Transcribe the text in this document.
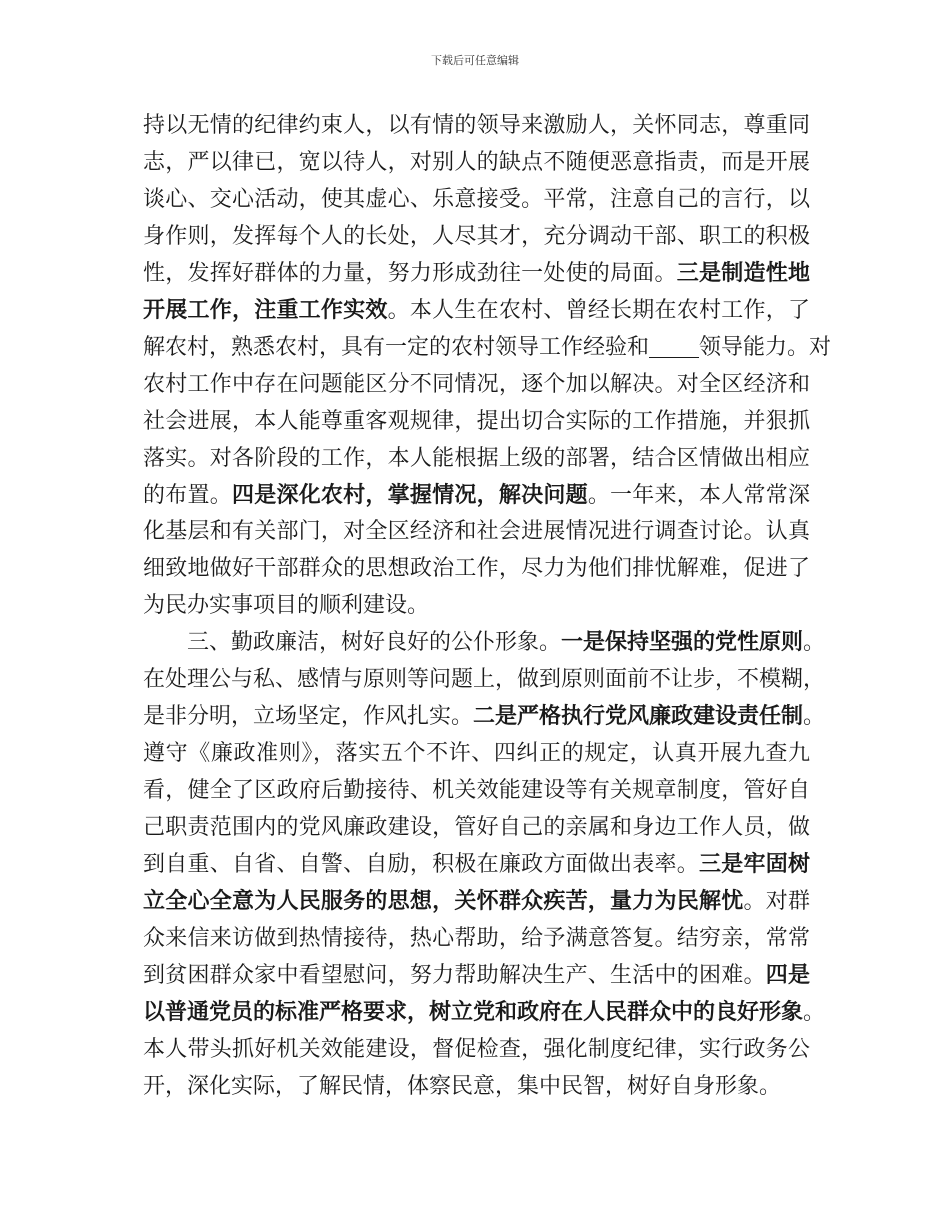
下载后可任意编辑
持以无情的纪律约束人，以有情的领导来激励人，关怀同志，尊重同
志，严以律已，宽以待人，对别人的缺点不随便恶意指责，而是开展
谈心、交心活动，使其虚心、乐意接受。平常，注意自己的言行，以
身作则，发挥每个人的长处，人尽其才，充分调动干部、职工的积极
性，发挥好群体的力量，努力形成劲往一处使的局面。三是制造性地
开展工作，注重工作实效。本人生在农村、曾经长期在农村工作，了
解农村，熟悉农村，具有一定的农村领导工作经验和 领导能力。对
农村工作中存在问题能区分不同情况，逐个加以解决。对全区经济和
社会进展，本人能尊重客观规律，提出切合实际的工作措施，并狠抓
落实。对各阶段的工作，本人能根据上级的部署，结合区情做出相应
的布置。四是深化农村，掌握情况，解决问题。一年来，本人常常深
化基层和有关部门，对全区经济和社会进展情况进行调查讨论。认真
细致地做好干部群众的思想政治工作，尽力为他们排忧解难，促进了
为民办实事项目的顺利建设。
　　三、勤政廉洁，树好良好的公仆形象。一是保持坚强的党性原则。
在处理公与私、感情与原则等问题上，做到原则面前不让步，不模糊，
是非分明，立场坚定，作风扎实。二是严格执行党风廉政建设责任制。
遵守《廉政准则》，落实五个不许、四纠正的规定，认真开展九查九
看，健全了区政府后勤接待、机关效能建设等有关规章制度，管好自
己职责范围内的党风廉政建设，管好自己的亲属和身边工作人员，做
到自重、自省、自警、自励，积极在廉政方面做出表率。三是牢固树
立全心全意为人民服务的思想，关怀群众疾苦，量力为民解忧。对群
众来信来访做到热情接待，热心帮助，给予满意答复。结穷亲，常常
到贫困群众家中看望慰问，努力帮助解决生产、生活中的困难。四是
以普通党员的标准严格要求，树立党和政府在人民群众中的良好形象。
本人带头抓好机关效能建设，督促检查，强化制度纪律，实行政务公
开，深化实际，了解民情，体察民意，集中民智，树好自身形象。
